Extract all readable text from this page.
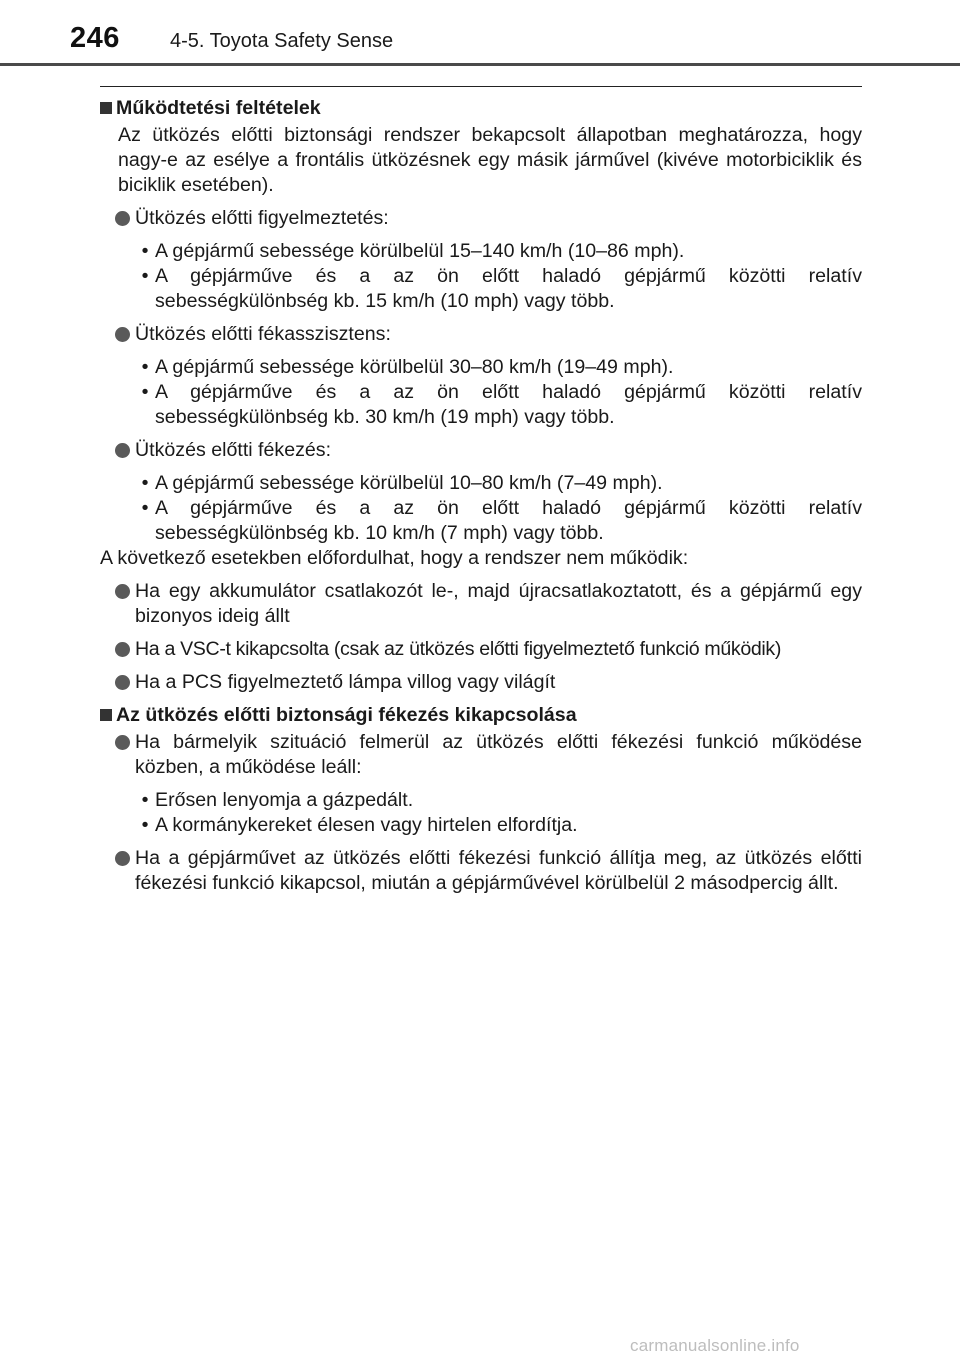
246	4-5. Toyota Safety Sense
Működtetési feltételek
Az ütközés előtti biztonsági rendszer bekapcsolt állapotban meghatározza, hogy nagy-e az esélye a frontális ütközésnek egy másik járművel (kivéve motorbiciklik és biciklik esetében).
Ütközés előtti figyelmeztetés:
• A gépjármű sebessége körülbelül 15–140 km/h (10–86 mph).
• A gépjárműve és a az ön előtt haladó gépjármű közötti relatív sebességkülönbség kb. 15 km/h (10 mph) vagy több.
Ütközés előtti fékasszisztens:
• A gépjármű sebessége körülbelül 30–80 km/h (19–49 mph).
• A gépjárműve és a az ön előtt haladó gépjármű közötti relatív sebességkülönbség kb. 30 km/h (19 mph) vagy több.
Ütközés előtti fékezés:
• A gépjármű sebessége körülbelül 10–80 km/h (7–49 mph).
• A gépjárműve és a az ön előtt haladó gépjármű közötti relatív sebességkülönbség kb. 10 km/h (7 mph) vagy több.
A következő esetekben előfordulhat, hogy a rendszer nem működik:
Ha egy akkumulátor csatlakozót le-, majd újracsatlakoztatott, és a gépjármű egy bizonyos ideig állt
Ha a VSC-t kikapcsolta (csak az ütközés előtti figyelmeztető funkció működik)
Ha a PCS figyelmeztető lámpa villog vagy világít
Az ütközés előtti biztonsági fékezés kikapcsolása
Ha bármelyik szituáció felmerül az ütközés előtti fékezési funkció működése közben, a működése leáll:
• Erősen lenyomja a gázpedált.
• A kormánykereket élesen vagy hirtelen elfordítja.
Ha a gépjárművet az ütközés előtti fékezési funkció állítja meg, az ütközés előtti fékezési funkció kikapcsol, miután a gépjárművével körülbelül 2 másodpercig állt.
carmanualsonline.info
